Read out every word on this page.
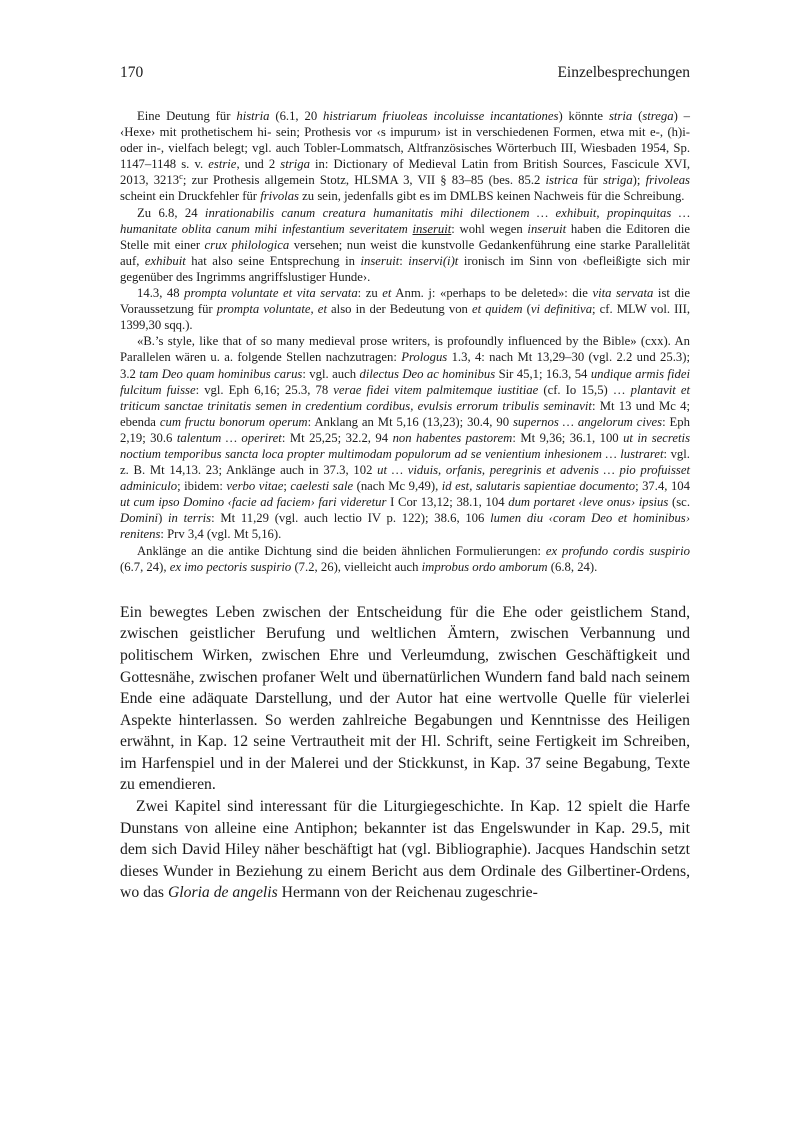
170	Einzelbesprechungen

Eine Deutung für histria (6.1, 20 histriarum friuoleas incoluisse incantationes) könnte stria (strega) – ‹Hexe› mit prothetischem hi- sein; Prothesis vor ‹s impurum› ist in verschiedenen Formen, etwa mit e-, (h)i- oder in-, vielfach belegt; vgl. auch Tobler-Lommatsch, Altfranzösisches Wörterbuch III, Wiesbaden 1954, Sp. 1147–1148 s. v. estrie, und 2 striga in: Dictionary of Medieval Latin from British Sources, Fascicule XVI, 2013, 3213$^c$; zur Prothesis allgemein Stotz, HLSMA 3, VII § 83–85 (bes. 85.2 istrica für striga); frivoleas scheint ein Druckfehler für frivolas zu sein, jedenfalls gibt es im DMLBS keinen Nachweis für die Schreibung.

Zu 6.8, 24 inrationabilis canum creatura humanitatis mihi dilectionem … exhibuit, propinquitas … humanitate oblita canum mihi infestantium severitatem inseruit: wohl wegen inseruit haben die Editoren die Stelle mit einer crux philologica versehen; nun weist die kunstvolle Gedankenführung eine starke Parallelität auf, exhibuit hat also seine Entsprechung in inseruit: inservi(i)t ironisch im Sinn von ‹befleißigte sich mir gegenüber des Ingrimms angriffslustiger Hunde›.

14.3, 48 prompta voluntate et vita servata: zu et Anm. j: «perhaps to be deleted»: die vita servata ist die Voraussetzung für prompta voluntate, et also in der Bedeutung von et quidem (vi definitiva; cf. MLW vol. III, 1399,30 sqq.).

«B.’s style, like that of so many medieval prose writers, is profoundly influenced by the Bible» (cxx). An Parallelen wären u. a. folgende Stellen nachzutragen: Prologus 1.3, 4: nach Mt 13,29–30 (vgl. 2.2 und 25.3); 3.2 tam Deo quam hominibus carus: vgl. auch dilectus Deo ac hominibus Sir 45,1; 16.3, 54 undique armis fidei fulcitum fuisse: vgl. Eph 6,16; 25.3, 78 verae fidei vitem palmitemque iustitiae (cf. Io 15,5) … plantavit et triticum sanctae trinitatis semen in credentium cordibus, evulsis errorum tribulis seminavit: Mt 13 und Mc 4; ebenda cum fructu bonorum operum: Anklang an Mt 5,16 (13,23); 30.4, 90 supernos … angelorum cives: Eph 2,19; 30.6 talentum … operiret: Mt 25,25; 32.2, 94 non habentes pastorem: Mt 9,36; 36.1, 100 ut in secretis noctium temporibus sancta loca propter multimodam populorum ad se venientium inhesionem … lustraret: vgl. z. B. Mt 14,13. 23; Anklänge auch in 37.3, 102 ut … viduis, orfanis, peregrinis et advenis … pio profuisset adminiculo; ibidem: verbo vitae; caelesti sale (nach Mc 9,49), id est, salutaris sapientiae documento; 37.4, 104 ut cum ipso Domino ‹facie ad faciem› fari videretur I Cor 13,12; 38.1, 104 dum portaret ‹leve onus› ipsius (sc. Domini) in terris: Mt 11,29 (vgl. auch lectio IV p. 122); 38.6, 106 lumen diu ‹coram Deo et hominibus› renitens: Prv 3,4 (vgl. Mt 5,16).

Anklänge an die antike Dichtung sind die beiden ähnlichen Formulierungen: ex profundo cordis suspirio (6.7, 24), ex imo pectoris suspirio (7.2, 26), vielleicht auch improbus ordo amborum (6.8, 24).

Ein bewegtes Leben zwischen der Entscheidung für die Ehe oder geistlichem Stand, zwischen geistlicher Berufung und weltlichen Ämtern, zwischen Verbannung und politischem Wirken, zwischen Ehre und Verleumdung, zwischen Geschäftigkeit und Gottesnähe, zwischen profaner Welt und übernatürlichen Wundern fand bald nach seinem Ende eine adäquate Darstellung, und der Autor hat eine wertvolle Quelle für vielerlei Aspekte hinterlassen. So werden zahlreiche Begabungen und Kenntnisse des Heiligen erwähnt, in Kap. 12 seine Vertrautheit mit der Hl. Schrift, seine Fertigkeit im Schreiben, im Harfenspiel und in der Malerei und der Stickkunst, in Kap. 37 seine Begabung, Texte zu emendieren.

Zwei Kapitel sind interessant für die Liturgiegeschichte. In Kap. 12 spielt die Harfe Dunstans von alleine eine Antiphon; bekannter ist das Engelswunder in Kap. 29.5, mit dem sich David Hiley näher beschäftigt hat (vgl. Bibliographie). Jacques Handschin setzt dieses Wunder in Beziehung zu einem Bericht aus dem Ordinale des Gilbertiner-Ordens, wo das Gloria de angelis Hermann von der Reichenau zugeschrie-
